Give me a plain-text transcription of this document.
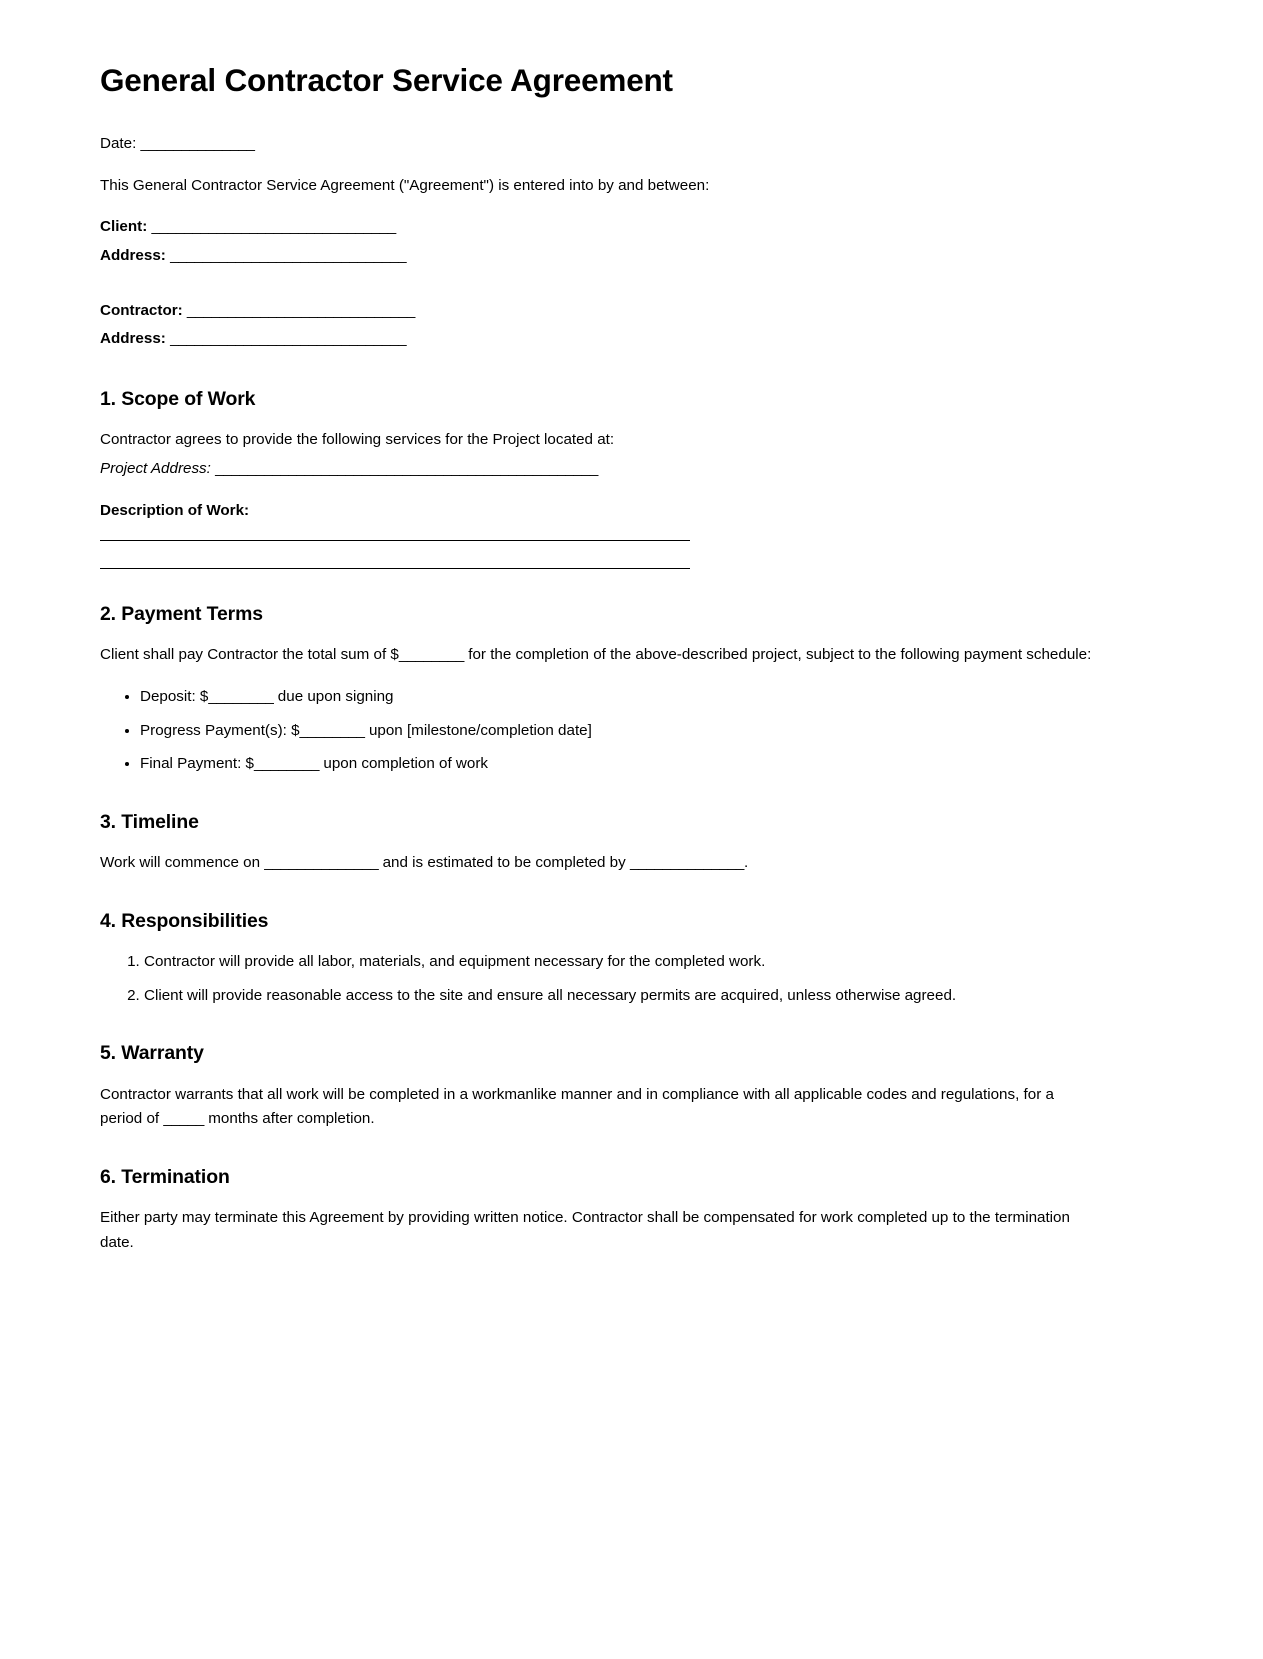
General Contractor Service Agreement

Date: ______________

This General Contractor Service Agreement ("Agreement") is entered into by and between:

Client: ______________________________

Address: _____________________________

Contractor: ____________________________

Address: _____________________________

1. Scope of Work

Contractor agrees to provide the following services for the Project located at:

Project Address: _______________________________________________

Description of Work:

2. Payment Terms

Client shall pay Contractor the total sum of $________ for the completion of the above-described project, subject to the following payment schedule:

• Deposit: $________ due upon signing
• Progress Payment(s): $________ upon [milestone/completion date]
• Final Payment: $________ upon completion of work
3. Timeline

Work will commence on ______________ and is estimated to be completed by ______________.

4. Responsibilities
1. Contractor will provide all labor, materials, and equipment necessary for the completed work.
2. Client will provide reasonable access to the site and ensure all necessary permits are acquired, unless otherwise agreed.
5. Warranty

Contractor warrants that all work will be completed in a workmanlike manner and in compliance with all applicable codes and regulations, for a period of _____ months after completion.

6. Termination

Either party may terminate this Agreement by providing written notice. Contractor shall be compensated for work completed up to the termination date.
